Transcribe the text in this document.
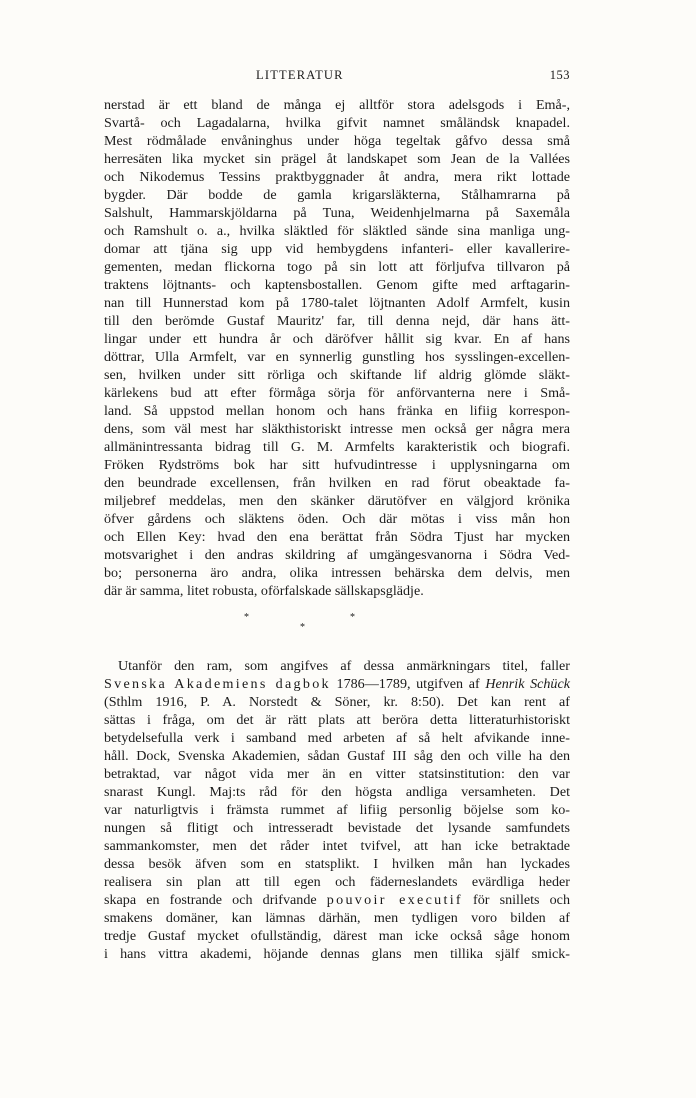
LITTERATUR	153
nerstad är ett bland de många ej alltför stora adelsgods i Emå-,
Svartå- och Lagadalarna, hvilka gifvit namnet småländsk knapadel.
Mest rödmålade envåninghus under höga tegeltak gåfvo dessa små
herresäten lika mycket sin prägel åt landskapet som Jean de la Vallées
och Nikodemus Tessins praktbyggnader åt andra, mera rikt lottade
bygder. Där bodde de gamla krigarsläkterna, Stålhamrarna på
Salshult, Hammarskjöldarna på Tuna, Weidenhjelmarna på Saxemåla
och Ramshult o. a., hvilka släktled för släktled sände sina manliga ung-
domar att tjäna sig upp vid hembygdens infanteri- eller kavallerire-
gementen, medan flickorna togo på sin lott att förljufva tillvaron på
traktens löjtnants- och kaptensbostallen. Genom gifte med arftagarin-
nan till Hunnerstad kom på 1780-talet löjtnanten Adolf Armfelt, kusin
till den berömde Gustaf Mauritz' far, till denna nejd, där hans ätt-
lingar under ett hundra år och däröfver hållit sig kvar. En af hans
döttrar, Ulla Armfelt, var en synnerlig gunstling hos sysslingen-excellen-
sen, hvilken under sitt rörliga och skiftande lif aldrig glömde släkt-
kärlekens bud att efter förmåga sörja för anförvanterna nere i Små-
land. Så uppstod mellan honom och hans fränka en lifiig korrespon-
dens, som väl mest har släkthistoriskt intresse men också ger några mera
allmänintressanta bidrag till G. M. Armfelts karakteristik och biografi.
Fröken Rydströms bok har sitt hufvudintresse i upplysningarna om
den beundrade excellensen, från hvilken en rad förut obeaktade fa-
miljebref meddelas, men den skänker därutöfver en välgjord krönika
öfver gårdens och släktens öden. Och där mötas i viss mån hon
och Ellen Key: hvad den ena berättat från Södra Tjust har mycken
motsvarighet i den andras skildring af umgängesvanorna i Södra Ved-
bo; personerna äro andra, olika intressen behärska dem delvis, men
där är samma, litet robusta, oförfalskade sällskapsglädje.
*
*
*
Utanför den ram, som angifves af dessa anmärkningars titel, faller
Svenska Akademiens dagbok 1786—1789, utgifven af Henrik Schück
(Sthlm 1916, P. A. Norstedt & Söner, kr. 8:50). Det kan rent af
sättas i fråga, om det är rätt plats att beröra detta litteraturhistoriskt
betydelsefulla verk i samband med arbeten af så helt afvikande inne-
håll. Dock, Svenska Akademien, sådan Gustaf III såg den och ville ha den
betraktad, var något vida mer än en vitter statsinstitution: den var
snarast Kungl. Maj:ts råd för den högsta andliga versamheten. Det
var naturligtvis i främsta rummet af lifiig personlig böjelse som ko-
nungen så flitigt och intresseradt bevistade det lysande samfundets
sammankomster, men det råder intet tvifvel, att han icke betraktade
dessa besök äfven som en statsplikt. I hvilken mån han lyckades
realisera sin plan att till egen och fäderneslandets evärdliga heder
skapa en fostrande och drifvande pouvoir executif för snillets och
smakens domäner, kan lämnas därhän, men tydligen voro bilden af
tredje Gustaf mycket ofullständig, därest man icke också såge honom
i hans vittra akademi, höjande dennas glans men tillika själf smick-
